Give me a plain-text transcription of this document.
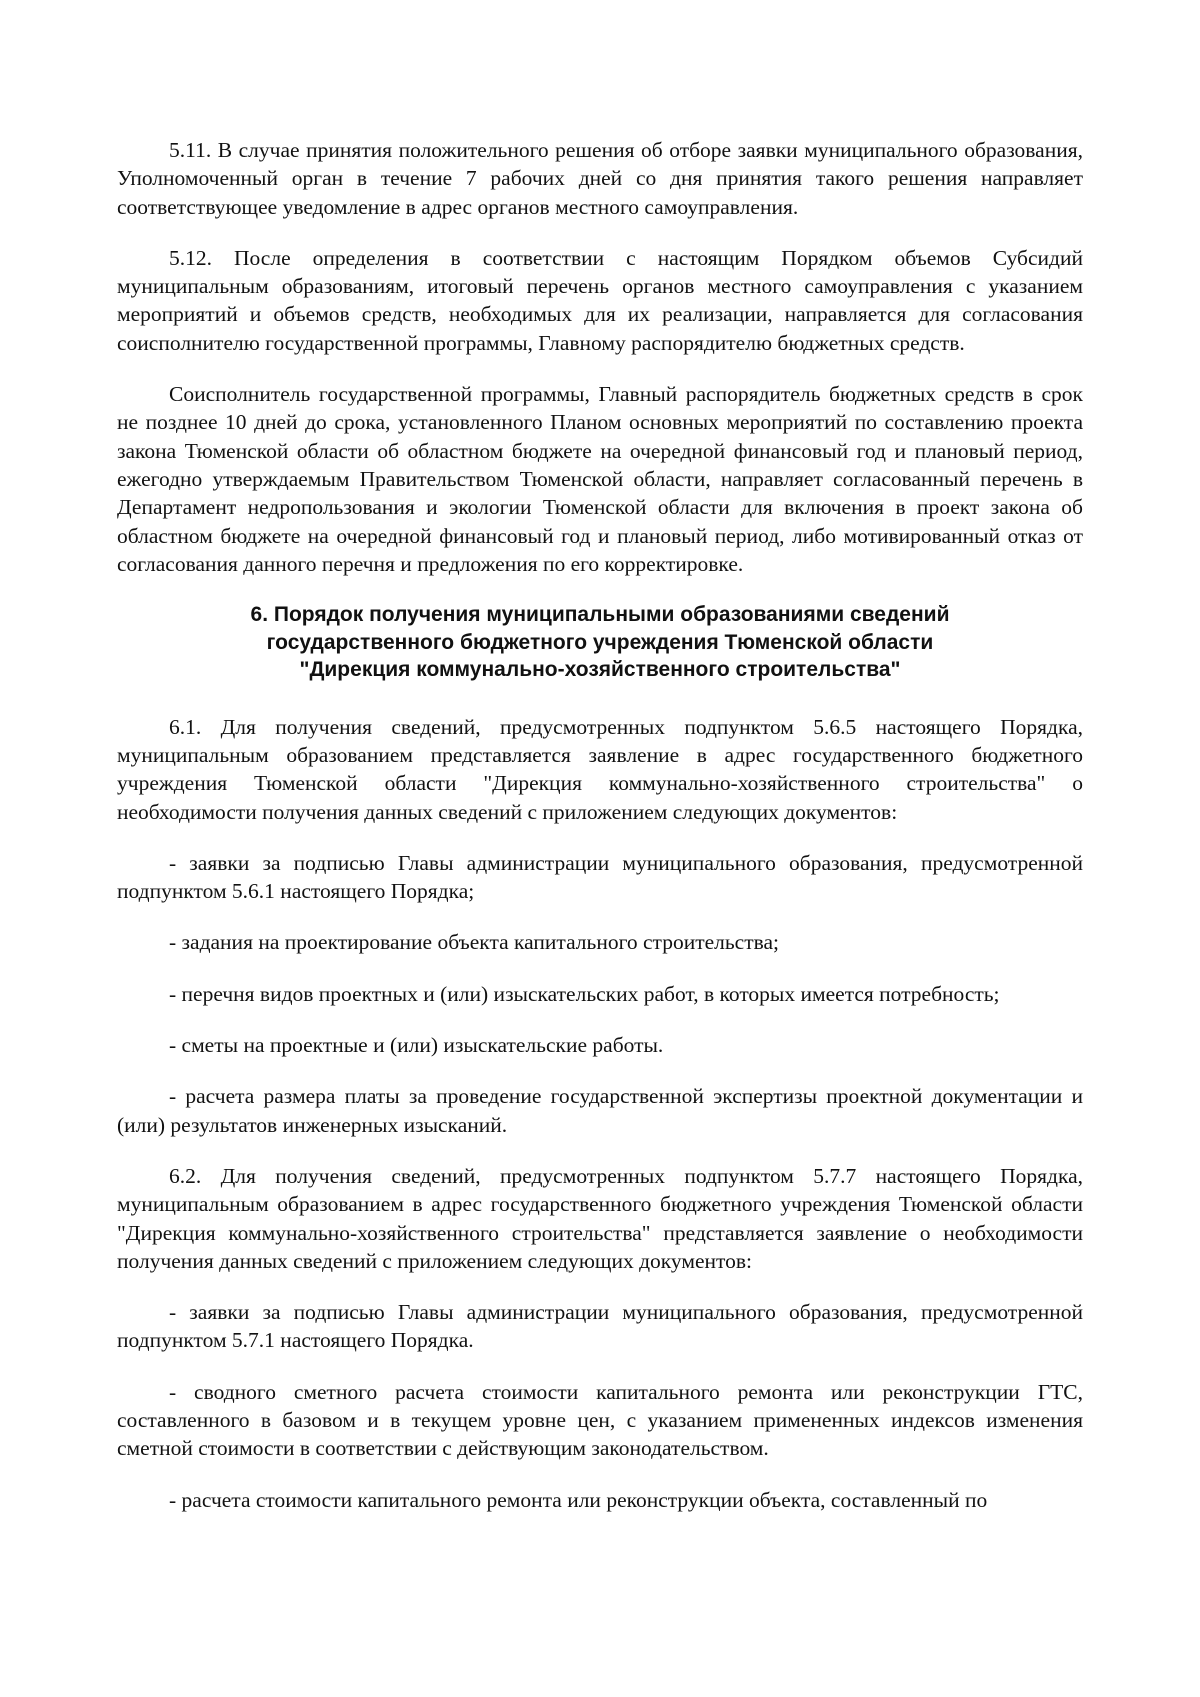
5.11. В случае принятия положительного решения об отборе заявки муниципального образования, Уполномоченный орган в течение 7 рабочих дней со дня принятия такого решения направляет соответствующее уведомление в адрес органов местного самоуправления.

5.12. После определения в соответствии с настоящим Порядком объемов Субсидий муниципальным образованиям, итоговый перечень органов местного самоуправления с указанием мероприятий и объемов средств, необходимых для их реализации, направляется для согласования соисполнителю государственной программы, Главному распорядителю бюджетных средств.

Соисполнитель государственной программы, Главный распорядитель бюджетных средств в срок не позднее 10 дней до срока, установленного Планом основных мероприятий по составлению проекта закона Тюменской области об областном бюджете на очередной финансовый год и плановый период, ежегодно утверждаемым Правительством Тюменской области, направляет согласованный перечень в Департамент недропользования и экологии Тюменской области для включения в проект закона об областном бюджете на очередной финансовый год и плановый период, либо мотивированный отказ от согласования данного перечня и предложения по его корректировке.

6. Порядок получения муниципальными образованиями сведений
государственного бюджетного учреждения Тюменской области
"Дирекция коммунально-хозяйственного строительства"

6.1. Для получения сведений, предусмотренных подпунктом 5.6.5 настоящего Порядка, муниципальным образованием представляется заявление в адрес государственного бюджетного учреждения Тюменской области "Дирекция коммунально-хозяйственного строительства" о необходимости получения данных сведений с приложением следующих документов:

- заявки за подписью Главы администрации муниципального образования, предусмотренной подпунктом 5.6.1 настоящего Порядка;

- задания на проектирование объекта капитального строительства;

- перечня видов проектных и (или) изыскательских работ, в которых имеется потребность;

- сметы на проектные и (или) изыскательские работы.

- расчета размера платы за проведение государственной экспертизы проектной документации и (или) результатов инженерных изысканий.

6.2. Для получения сведений, предусмотренных подпунктом 5.7.7 настоящего Порядка, муниципальным образованием в адрес государственного бюджетного учреждения Тюменской области "Дирекция коммунально-хозяйственного строительства" представляется заявление о необходимости получения данных сведений с приложением следующих документов:

- заявки за подписью Главы администрации муниципального образования, предусмотренной подпунктом 5.7.1 настоящего Порядка.

- сводного сметного расчета стоимости капитального ремонта или реконструкции ГТС, составленного в базовом и в текущем уровне цен, с указанием примененных индексов изменения сметной стоимости в соответствии с действующим законодательством.

- расчета стоимости капитального ремонта или реконструкции объекта, составленный по
